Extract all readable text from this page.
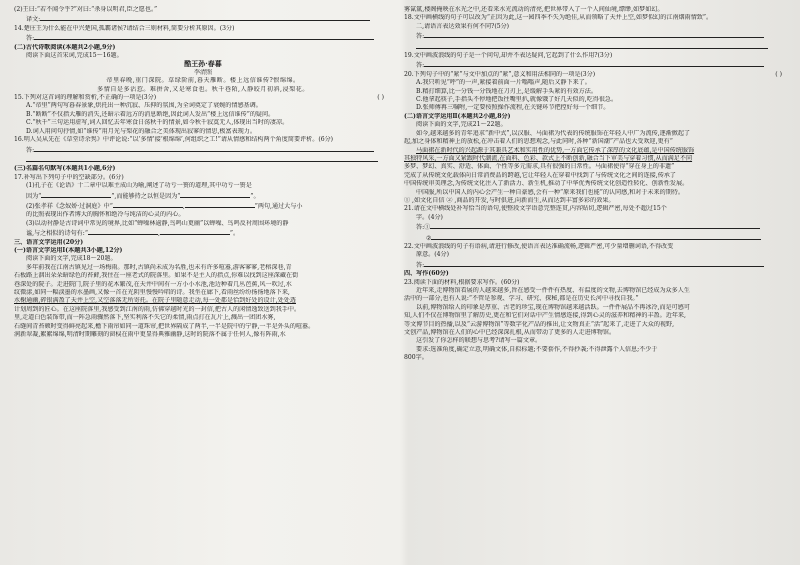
(2)王曰:“若不闻令乎?”对曰:“杀身以明君,臣之愿也。”
译文:
14.楚庄王为什么能在中兴楚国,孤霸诸侯?请结合三则材料,简要分析其原因。(3分)
答:
(二)古代诗歌阅读(本题共2小题,9分)
阅读下面这首宋词,完成15～16题。
酷王孙·春暮
李清照
帝里春晚,重门深院。草绿阶前,暮天雁断。楼上远信谁传?恨绵绵。
多情自是多沾惹。难拼舍,又是寒食也。秋千巷陌,人静皎月初斜,浸梨花。
15.下列对这首词的理解和赏析,不正确的一项是(3分)	( )
A.“帝里”两句写暮春景象,烘托出一种沉寂、压抑的氛围,为全词奠定了衰婉的情感基调。
B.“断断”不仅指大雁的消失,还暗示着远方的消息断绝,因此词人发出“楼上远信谁传”的疑问。
C.“秋千”三句运用虚写,词人回忆去年寒食日荡秋千的情景,如今秋千寂寞无人,体现出当时的凄凉。
D.词人用问句抒情,如“谁传”用月光与梨花的融合之美体现出寂寥的情思,极富表现力。
16.明人吴从先在《草堂诗余隽》中评论说:“以‘多情’接‘根绵绵’,何组织之工!”请从情感和结构两个角度简要评析。(6分)
答:
(三)名篇名句默写(本题共1小题,6分)
17.补写出下列句子中的空缺部分。(6分)
(1)孔子在《论语》十二章中以难主成山为喻,阐述了功亏一篑的道理,其中功亏一篑是
因为“	”,而能够持之以恒是因为“	”。
(2)张孝祥《念奴娇·过洞庭》中“	,	”两句,通过大与小
的比照表现出作者博大的胸怀和绝冷与纯洁的心灵的内心。
(3)以动衬静是古诗词中常见的境界,比如“蝉噪林逾静,鸟鸣山更幽”以蝉噪、鸟鸣反衬周围环境的静
谧,与之相似的诗句有:“	,	”。
三、语言文字运用(20分)
(一)语言文字运用Ⅰ(本题共3小题,12分)
阅读下面的文字,完成18～20题。
多年前我在江南古镇见过一场梅雨。那时,古镇尚未成为名胜,也未有许多喧嚣,游客寥寥,老榕深巷,青
石板路上洇出朵朵暗绿色的苔藓,我住在一座老式的院落里。如果不是主人的指点,你难以找到这座深藏在街
巷深处的院子。走进院门,院子里的花木繁茂,在天井中间有一方小小水池,池边种着几丛芭蕉,风一吹过,水
纹微漾,如同一幅淡墨的水墨画,又像一首在光阴里慢慢吟唱的诗。我坐在廊下,看雨丝纷纷扬扬地落下来,
水榭通幽,碎银满盈了天井上空,又空落落无所寄托。在院子里随意走动,每一处都是恰到好处的设计,处处透
计划周到的匠心。在这座院落里,我感受到江南的雨,仿佛穿越时光的一封信,把古人的闲情逸致送到我手中。
里,走道白色装饰带,而一阵急雨骤然落下,坚实利落不失它的柔情,雨点打在瓦片上,溅出一团团水雾,
石缝间青苔顿时变得鲜亮起来,檐下雨帘如同一道珠帘,把世界隔成了两半,一半是院中的宁静,一半是外头的喧嚣。
润新翠凝,絮絮绵绵,明清时期雕刻的窗棂在雨中更显得典雅幽静,这时的院落不属于任何人,像有阵雨,水
雾氤氲,楼阁掩映在水光之中,还看来水光流动的清亮,把世界带入了一个人间仙境,缥缈,如梦如幻。
18.文中画横线的句子可以改为“正因为此,这一园四季不失为绝佳,从而领略了天井上空,如梦似幻的江南烟雨情致”。
二,请语言表达效果有何不同?(5分)
答:
19.文中画波浪线的句子是一个问句,却并不表达疑问,它起到了什么作用?(3分)
答:
20.下列句子中的“紧”与文中加点的“紧”,意义和用法相同的一项是(3分)	( )
A.我只听见“呼”的一声,紧接着前面一片嗡嗡声,随后又静下来了。
B.精打细算,比一分钱一分钱地在刀刃上,是缓解手头紧的有效方法。
C.他拿起筷子,手指头不停地把饭往嘴里扒,就像饿了好几天似的,吃得很急。
D.张师傅再三嘱咐,一定要按照操作流程,在关键环节把控好每一个细节。
(二)语言文字运用Ⅱ(本题共2小题,8分)
阅读下面的文字,完成21～22题。
如今,越来越多的青年追求“新中式”,以汉服、马面裙为代表的传统服饰在年轻人中广为流传,逐渐掀起了
起,加之身体和精神上的放松,在冲击着人们的思想观念,与此同时,各种“新国潮”产品也大受欢迎,更有“
马面裙在新时代的兴起源于其兼具艺术和实用性的优势,一方面它传承了深厚的文化底蕴,是中国传统服饰
其独特风采,一方面又紧跟时代潮流,在面料、色彩、款式上不断创新,融合当下审美与穿着习惯,从而满足不同
多梦、梦幻、真实、舒适、体面、个性等多元需求,具有很强的日常性。马面裙使得“穿在身上的非遗”
完成了从传统文化载体向日常消费品的跨越,它让年轻人在穿着中找到了与传统文化之间的连接,传承了
中国传统审美理念,为传统文化注入了新活力、新生机,推动了中华优秀传统文化创造性转化、创新性发展。
中国服,所以中国人的内心会产生一种自豪感,会有一种“原来我们也能”的认同感,和对于未来的期待。
① ,如文化自信 ② ,商品的开发,与时俱进,向新而生,从而达到丰富多彩的效果。
21.请在文中横线处补写恰当的语句,使整段文字语意完整连贯,内容贴切,逻辑严密,每处不超过15个
字。(4分)
答:①
②
22.文中画波浪线的句子有语病,请进行修改,使语言表达准确流畅,逻辑严密,可少量增删词语,不得改变
原意。(4分)
答:
四、写作(60分)
23.阅读下面的材料,根据要求写作。(60分)
近年来,走博物馆看展的人越来越多,旨在感受一件件有热度、有温度的文物,去博物馆已经成为众多人生
活中的一部分,也有人说:“不管是参观、学习、研究、探秘,都是在历史长河中寻找自我。”
以前,博物馆给人的印象是厚重、古老的珍宝,现在博物馆越来越活跃。一件件展品不再冰冷,而是可感可
知,人们不仅在博物馆里了解历史,更在和它们对话中产生情感连接,得到心灵的滋养和精神的丰盈。近年来,
等文博节目的热播,以及“云游博物馆”等数字化产品的推出,让文物真正“活”起来了,走进了大众的视野,
文创产品,博物馆在人们的心中已经深深扎根,从而带动了更多的人走进博物馆。
这引发了你怎样的联想与思考?请写一篇文章。
要求:选准角度,确定立意,明确文体,自拟标题;不要套作,不得抄袭;不得泄露个人信息;不少于
800字。
